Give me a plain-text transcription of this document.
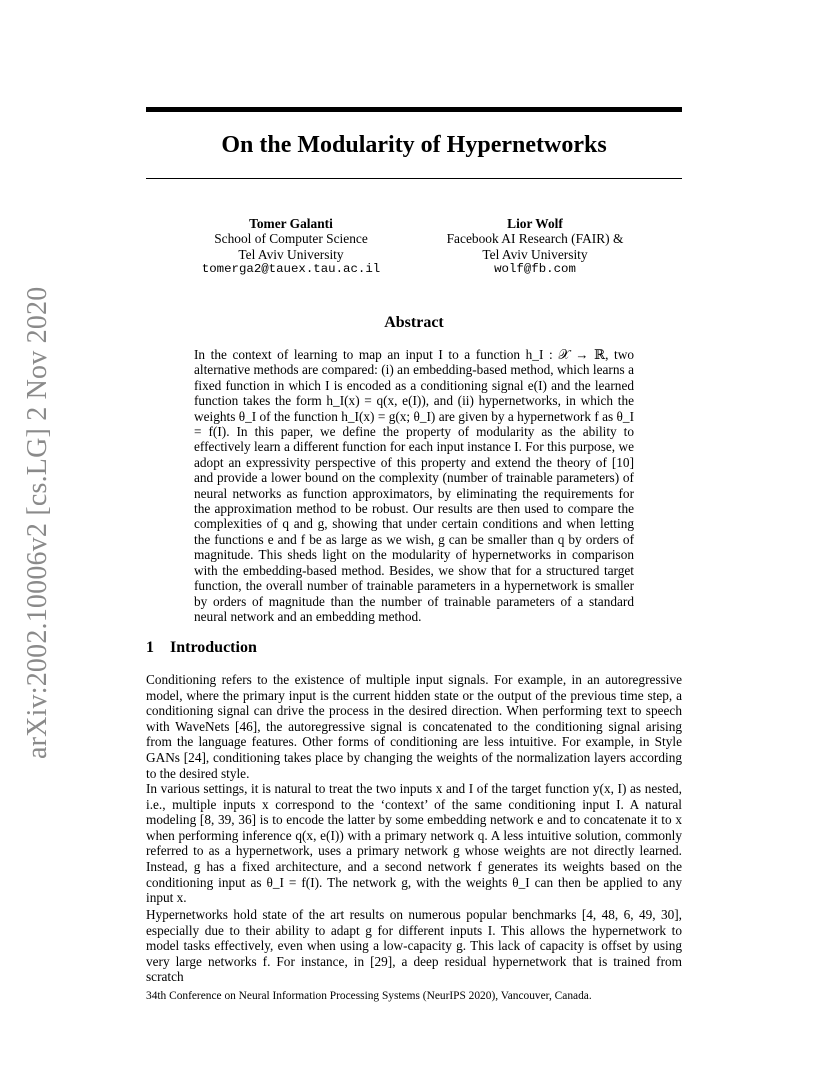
arXiv:2002.10006v2 [cs.LG] 2 Nov 2020
On the Modularity of Hypernetworks
Tomer Galanti
School of Computer Science
Tel Aviv University
tomerga2@tauex.tau.ac.il
Lior Wolf
Facebook AI Research (FAIR) &
Tel Aviv University
wolf@fb.com
Abstract

In the context of learning to map an input I to a function h_I : 𝒳 → ℝ, two alternative methods are compared: (i) an embedding-based method, which learns a fixed function in which I is encoded as a conditioning signal e(I) and the learned function takes the form h_I(x) = q(x, e(I)), and (ii) hypernetworks, in which the weights θ_I of the function h_I(x) = g(x; θ_I) are given by a hypernetwork f as θ_I = f(I). In this paper, we define the property of modularity as the ability to effectively learn a different function for each input instance I. For this purpose, we adopt an expressivity perspective of this property and extend the theory of [10] and provide a lower bound on the complexity (number of trainable parameters) of neural networks as function approximators, by eliminating the requirements for the approximation method to be robust. Our results are then used to compare the complexities of q and g, showing that under certain conditions and when letting the functions e and f be as large as we wish, g can be smaller than q by orders of magnitude. This sheds light on the modularity of hypernetworks in comparison with the embedding-based method. Besides, we show that for a structured target function, the overall number of trainable parameters in a hypernetwork is smaller by orders of magnitude than the number of trainable parameters of a standard neural network and an embedding method.

1 Introduction

Conditioning refers to the existence of multiple input signals. For example, in an autoregressive model, where the primary input is the current hidden state or the output of the previous time step, a conditioning signal can drive the process in the desired direction. When performing text to speech with WaveNets [46], the autoregressive signal is concatenated to the conditioning signal arising from the language features. Other forms of conditioning are less intuitive. For example, in Style GANs [24], conditioning takes place by changing the weights of the normalization layers according to the desired style.

In various settings, it is natural to treat the two inputs x and I of the target function y(x, I) as nested, i.e., multiple inputs x correspond to the ‘context’ of the same conditioning input I. A natural modeling [8, 39, 36] is to encode the latter by some embedding network e and to concatenate it to x when performing inference q(x, e(I)) with a primary network q. A less intuitive solution, commonly referred to as a hypernetwork, uses a primary network g whose weights are not directly learned. Instead, g has a fixed architecture, and a second network f generates its weights based on the conditioning input as θ_I = f(I). The network g, with the weights θ_I can then be applied to any input x.

Hypernetworks hold state of the art results on numerous popular benchmarks [4, 48, 6, 49, 30], especially due to their ability to adapt g for different inputs I. This allows the hypernetwork to model tasks effectively, even when using a low-capacity g. This lack of capacity is offset by using very large networks f. For instance, in [29], a deep residual hypernetwork that is trained from scratch

34th Conference on Neural Information Processing Systems (NeurIPS 2020), Vancouver, Canada.
